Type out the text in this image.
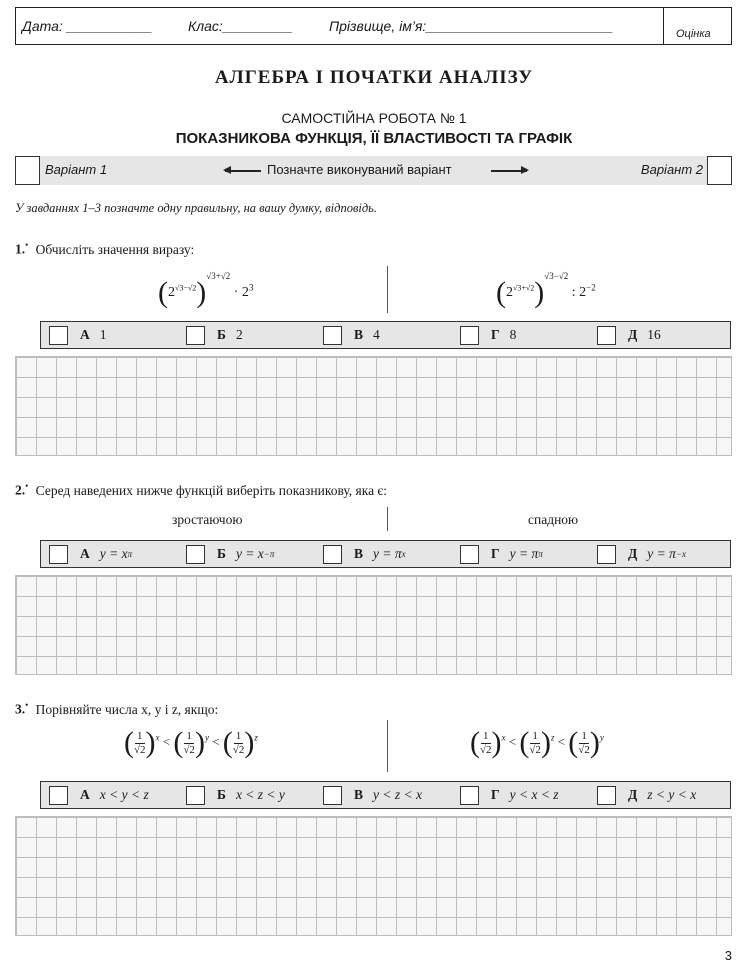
Дата: ___________	Клас:_________	Прізвище, ім’я:________________________	Оцінка
АЛГЕБРА І ПОЧАТКИ АНАЛІЗУ
САМОСТІЙНА РОБОТА № 1
ПОКАЗНИКОВА ФУНКЦІЯ, ЇЇ ВЛАСТИВОСТІ ТА ГРАФІК
Варіант 1	Позначте виконуваний варіант	Варіант 2
У завданнях 1–3 позначте одну правильну, на вашу думку, відповідь.
1.• Обчисліть значення виразу:
$(2^{√3-√2})^{√3+√2} \cdot 2^3$	$(2^{√3+√2})^{√3-√2}$ : $2^{-2}$
А 1	Б 2	В 4	Г 8	Д 16
2.• Серед наведених нижче функцій виберіть показникову, яка є:
зростаючою	спадною
А y = x π	Б y = x −π	В y = π x	Г y = π π	Д y = π −x
3.• Порівняйте числа x, y і z, якщо:
( $\frac{1}{√2} )^x$ < ( $\frac{1}{√2} )^y$ < ( $\frac{1}{√2} )^z$	( $\frac{1}{√2} )^x$ < ( $\frac{1}{√2} )^z$ < ( $\frac{1}{√2} )^y$
А x < y < z	Б x < z < y	В y < z < x	Г y < x < z	Д z < y < x
3
